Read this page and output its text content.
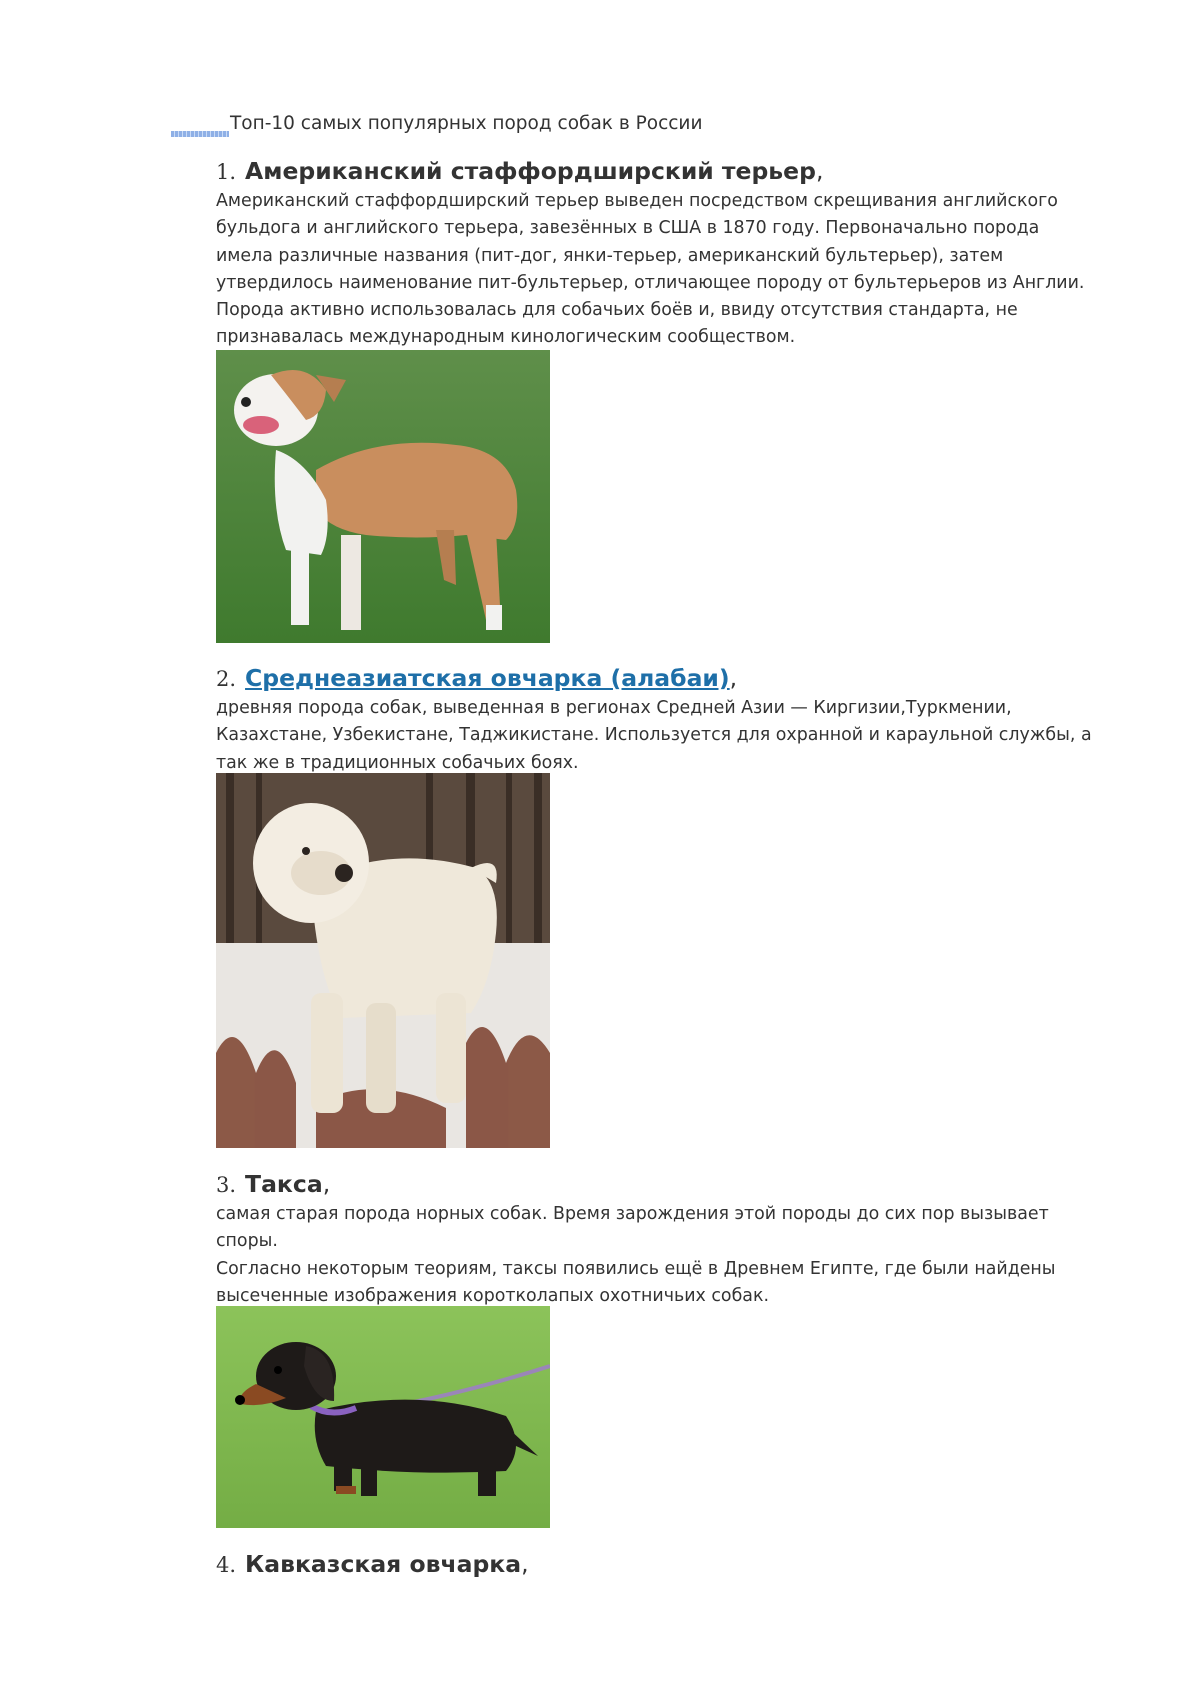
Топ-10 самых популярных пород собак в России
1. Американский стаффордширский терьер,
Американский стаффордширский терьер выведен посредством скрещивания английского
бульдога и английского терьера, завезённых в США в 1870 году. Первоначально порода
имела различные названия (пит-дог, янки-терьер, американский бультерьер), затем
утвердилось наименование пит-бультерьер, отличающее породу от бультерьеров из Англии.
Порода активно использовалась для собачьих боёв и, ввиду отсутствия стандарта, не
признавалась международным кинологическим сообществом.
2. Среднеазиатская овчарка (алабаи),
древняя порода собак, выведенная в регионах Средней Азии — Киргизии,Туркмении,
Казахстане, Узбекистане, Таджикистане. Используется для охранной и караульной службы, а
так же в традиционных собачьих боях.
3. Такса,
самая старая порода норных собак. Время зарождения этой породы до сих пор вызывает
споры.
Согласно некоторым теориям, таксы появились ещё в Древнем Египте, где были найдены
высеченные изображения коротколапых охотничьих собак.
4. Кавказская овчарка,
